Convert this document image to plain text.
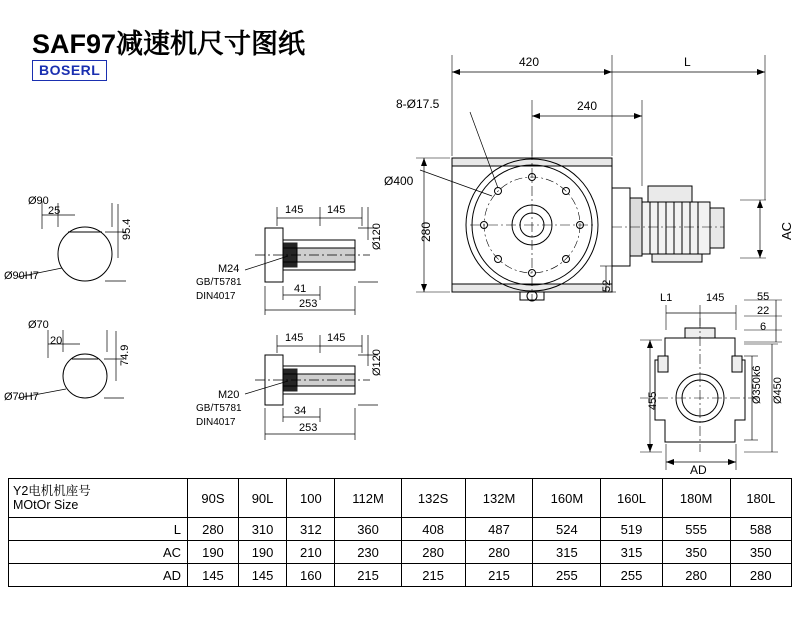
SAF97减速机尺寸图纸
BOSERL
Ø90
25
95.4
Ø90H7
Ø70
20
74.9
Ø70H7
145 145
Ø120
M24
GB/T5781
DIN4017
41
253
145 145
Ø120
M20
GB/T5781
DIN4017
34
253
420	L
240
8-Ø17.5
Ø400
280
52
AC
L1	145	55
22
6
455	Ø350k6 Ø450
AD
Y2电机机座号
MOtOr Size	90S	90L	100	112M	132S	132M	160M	160L	180M	180L
L	280	310	312	360	408	487	524	519	555	588
AC	190	190	210	230	280	280	315	315	350	350
AD	145	145	160	215	215	215	255	255	280	280
